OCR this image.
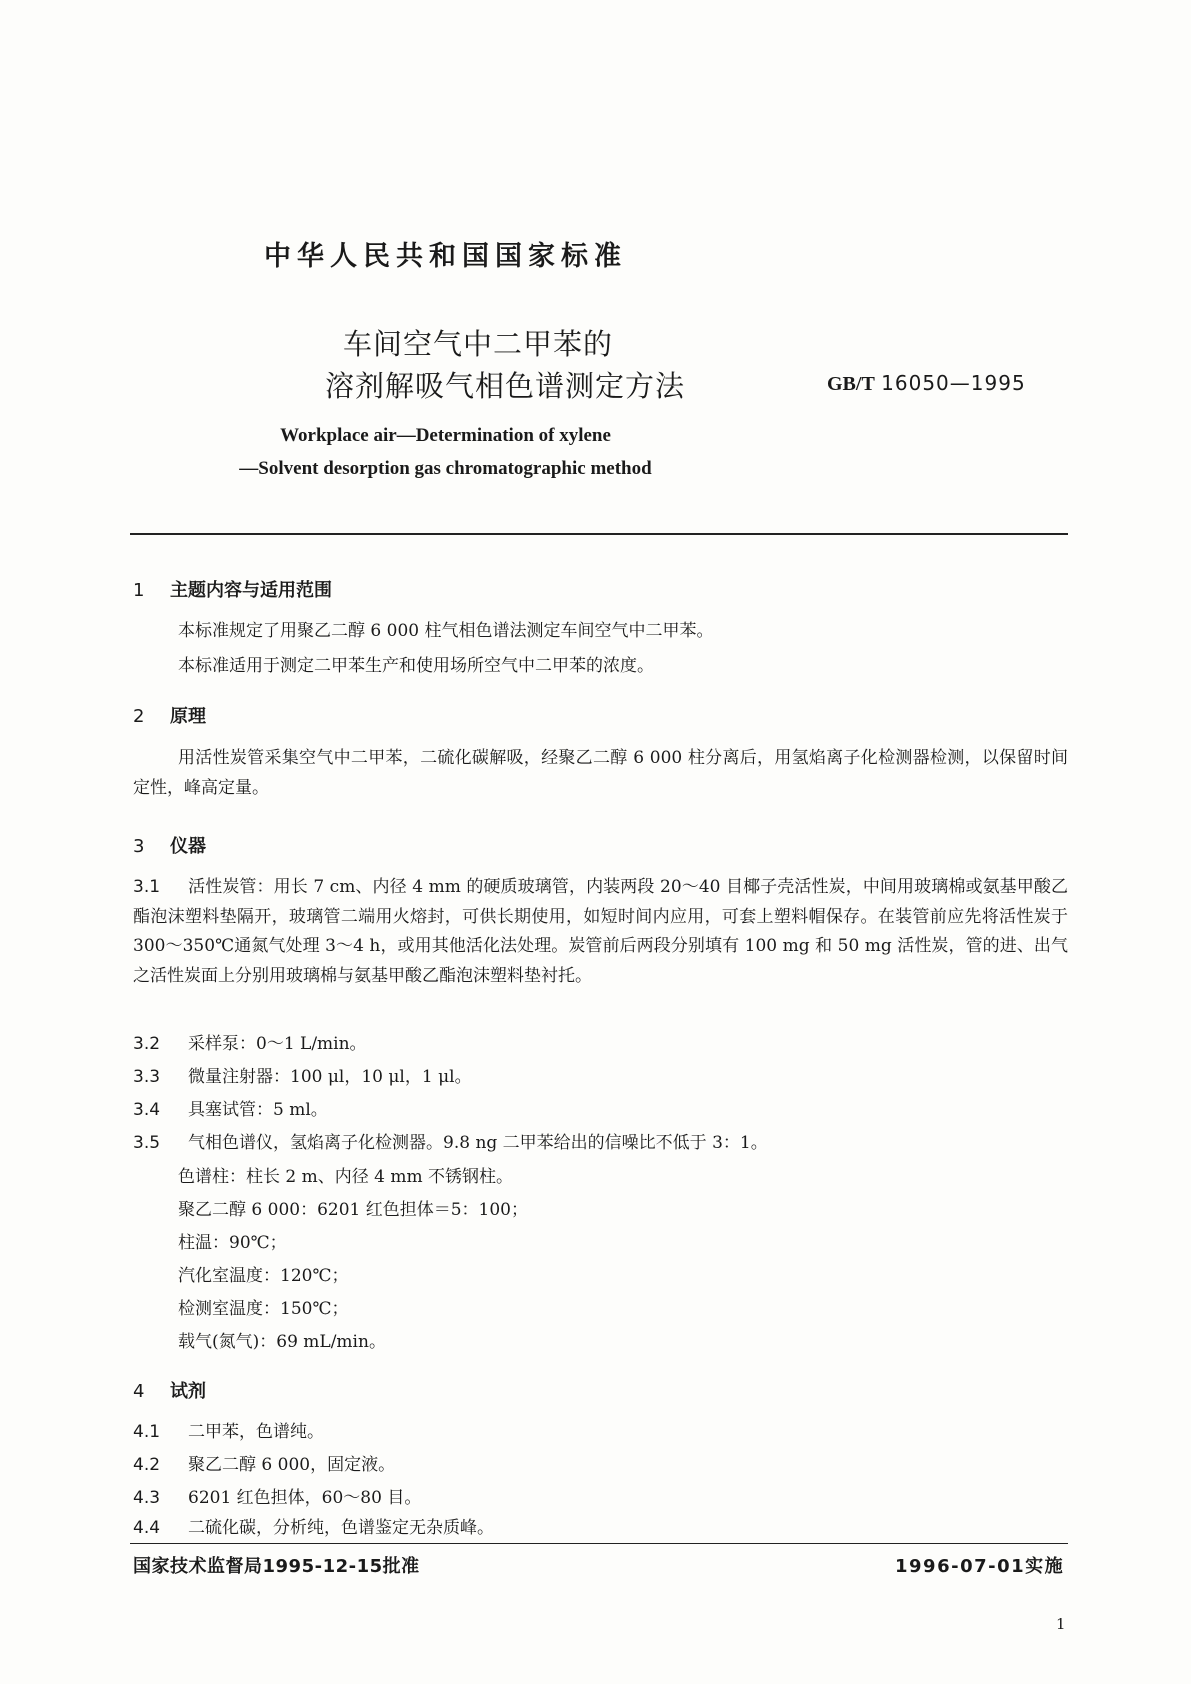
中华人民共和国国家标准
车间空气中二甲苯的
溶剂解吸气相色谱测定方法	GB/T 16050—1995
Workplace air—Determination of xylene
—Solvent desorption gas chromatographic method
1 主题内容与适用范围
本标准规定了用聚乙二醇 6 000 柱气相色谱法测定车间空气中二甲苯。
本标准适用于测定二甲苯生产和使用场所空气中二甲苯的浓度。
2 原理
用活性炭管采集空气中二甲苯，二硫化碳解吸，经聚乙二醇 6 000 柱分离后，用氢焰离子化检测器检测，以保留时间定性，峰高定量。
3 仪器
3.1 活性炭管：用长 7 cm、内径 4 mm 的硬质玻璃管，内装两段 20～40 目椰子壳活性炭，中间用玻璃棉或氨基甲酸乙酯泡沫塑料垫隔开，玻璃管二端用火熔封，可供长期使用，如短时间内应用，可套上塑料帽保存。在装管前应先将活性炭于 300～350℃通氮气处理 3～4 h，或用其他活化法处理。炭管前后两段分别填有 100 mg 和 50 mg 活性炭，管的进、出气之活性炭面上分别用玻璃棉与氨基甲酸乙酯泡沫塑料垫衬托。
3.2 采样泵：0～1 L/min。
3.3 微量注射器：100 μl，10 μl，1 μl。
3.4 具塞试管：5 ml。
3.5 气相色谱仪，氢焰离子化检测器。9.8 ng 二甲苯给出的信噪比不低于 3：1。
色谱柱：柱长 2 m、内径 4 mm 不锈钢柱。
聚乙二醇 6 000：6201 红色担体＝5：100；
柱温：90℃；
汽化室温度：120℃；
检测室温度：150℃；
载气(氮气)：69 mL/min。
4 试剂
4.1 二甲苯，色谱纯。
4.2 聚乙二醇 6 000，固定液。
4.3 6201 红色担体，60～80 目。
4.4 二硫化碳，分析纯，色谱鉴定无杂质峰。
国家技术监督局1995-12-15批准	1996-07-01实施
1
